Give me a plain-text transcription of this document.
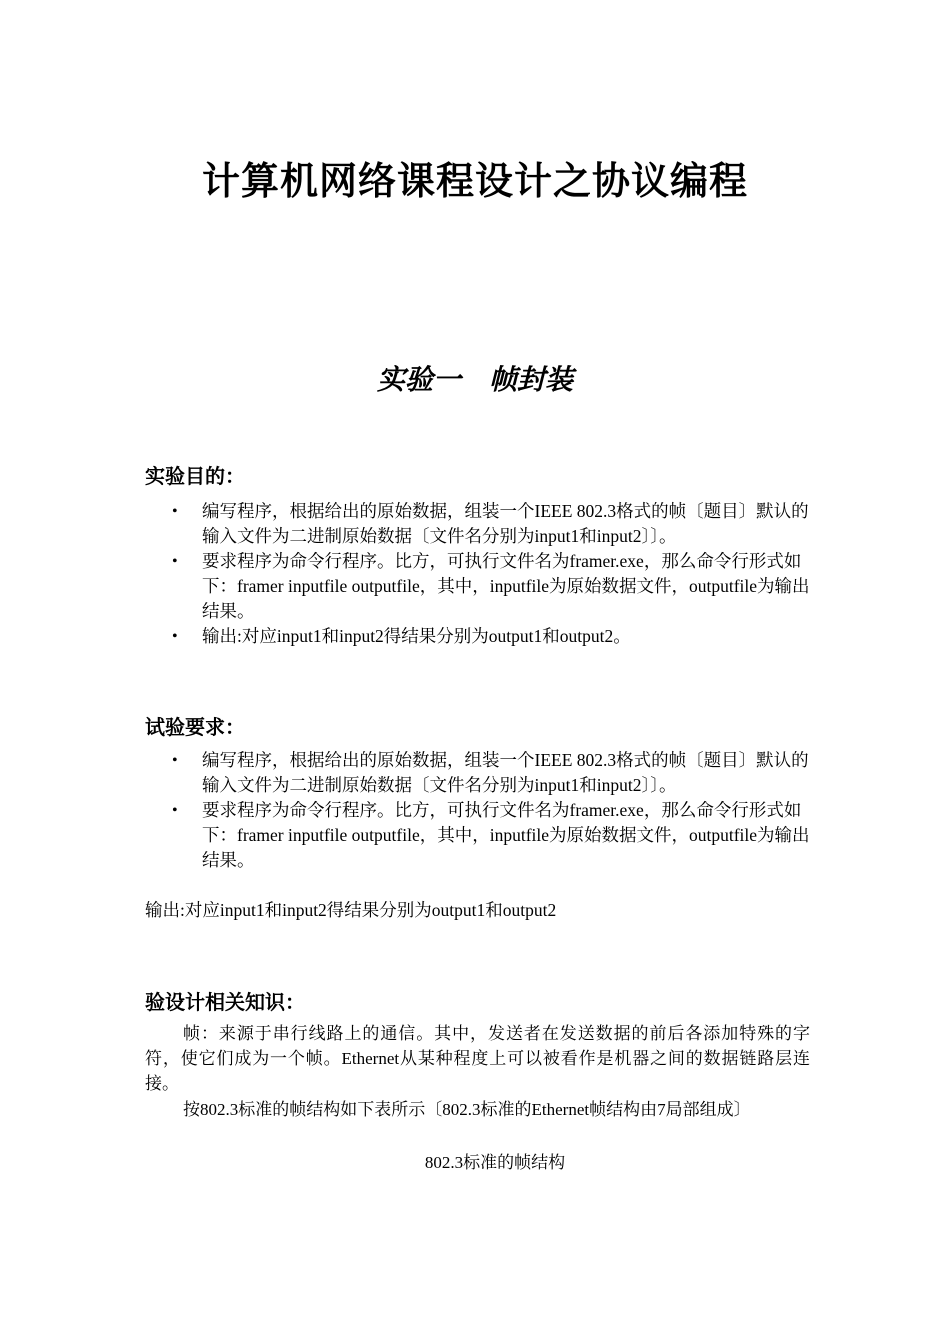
计算机网络课程设计之协议编程
实验一　帧封装
实验目的：
• 编写程序，根据给出的原始数据，组装一个IEEE 802.3格式的帧〔题目〕默认的输入文件为二进制原始数据〔文件名分别为input1和input2〕〕。
• 要求程序为命令行程序。比方，可执行文件名为framer.exe，那么命令行形式如下：framer inputfile outputfile，其中，inputfile为原始数据文件，outputfile为输出结果。
• 输出:对应input1和input2得结果分别为output1和output2。
试验要求：
• 编写程序，根据给出的原始数据，组装一个IEEE 802.3格式的帧〔题目〕默认的输入文件为二进制原始数据〔文件名分别为input1和input2〕〕。
• 要求程序为命令行程序。比方，可执行文件名为framer.exe，那么命令行形式如下：framer inputfile outputfile，其中，inputfile为原始数据文件，outputfile为输出结果。

输出:对应input1和input2得结果分别为output1和output2

验设计相关知识：

帧：来源于串行线路上的通信。其中，发送者在发送数据的前后各添加特殊的字符，使它们成为一个帧。Ethernet从某种程度上可以被看作是机器之间的数据链路层连接。

按802.3标准的帧结构如下表所示〔802.3标准的Ethernet帧结构由7局部组成〕

802.3标准的帧结构
